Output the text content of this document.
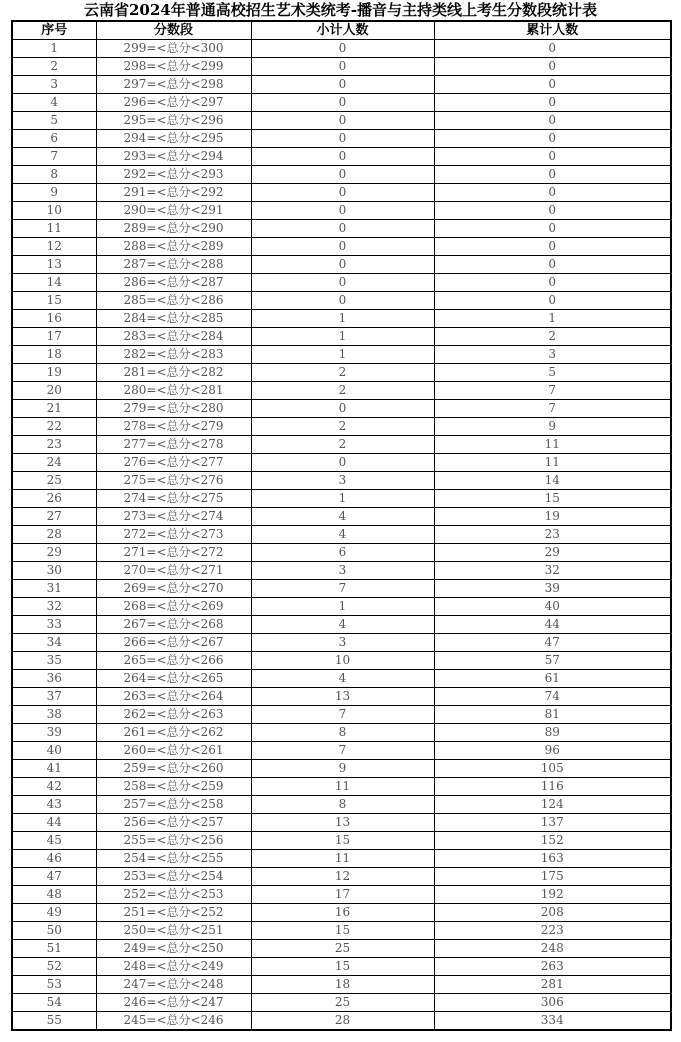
云南省2024年普通高校招生艺术类统考-播音与主持类线上考生分数段统计表
序号	分数段	小计人数	累计人数
1	299=<总分<300	0	0
2	298=<总分<299	0	0
3	297=<总分<298	0	0
4	296=<总分<297	0	0
5	295=<总分<296	0	0
6	294=<总分<295	0	0
7	293=<总分<294	0	0
8	292=<总分<293	0	0
9	291=<总分<292	0	0
10	290=<总分<291	0	0
11	289=<总分<290	0	0
12	288=<总分<289	0	0
13	287=<总分<288	0	0
14	286=<总分<287	0	0
15	285=<总分<286	0	0
16	284=<总分<285	1	1
17	283=<总分<284	1	2
18	282=<总分<283	1	3
19	281=<总分<282	2	5
20	280=<总分<281	2	7
21	279=<总分<280	0	7
22	278=<总分<279	2	9
23	277=<总分<278	2	11
24	276=<总分<277	0	11
25	275=<总分<276	3	14
26	274=<总分<275	1	15
27	273=<总分<274	4	19
28	272=<总分<273	4	23
29	271=<总分<272	6	29
30	270=<总分<271	3	32
31	269=<总分<270	7	39
32	268=<总分<269	1	40
33	267=<总分<268	4	44
34	266=<总分<267	3	47
35	265=<总分<266	10	57
36	264=<总分<265	4	61
37	263=<总分<264	13	74
38	262=<总分<263	7	81
39	261=<总分<262	8	89
40	260=<总分<261	7	96
41	259=<总分<260	9	105
42	258=<总分<259	11	116
43	257=<总分<258	8	124
44	256=<总分<257	13	137
45	255=<总分<256	15	152
46	254=<总分<255	11	163
47	253=<总分<254	12	175
48	252=<总分<253	17	192
49	251=<总分<252	16	208
50	250=<总分<251	15	223
51	249=<总分<250	25	248
52	248=<总分<249	15	263
53	247=<总分<248	18	281
54	246=<总分<247	25	306
55	245=<总分<246	28	334
